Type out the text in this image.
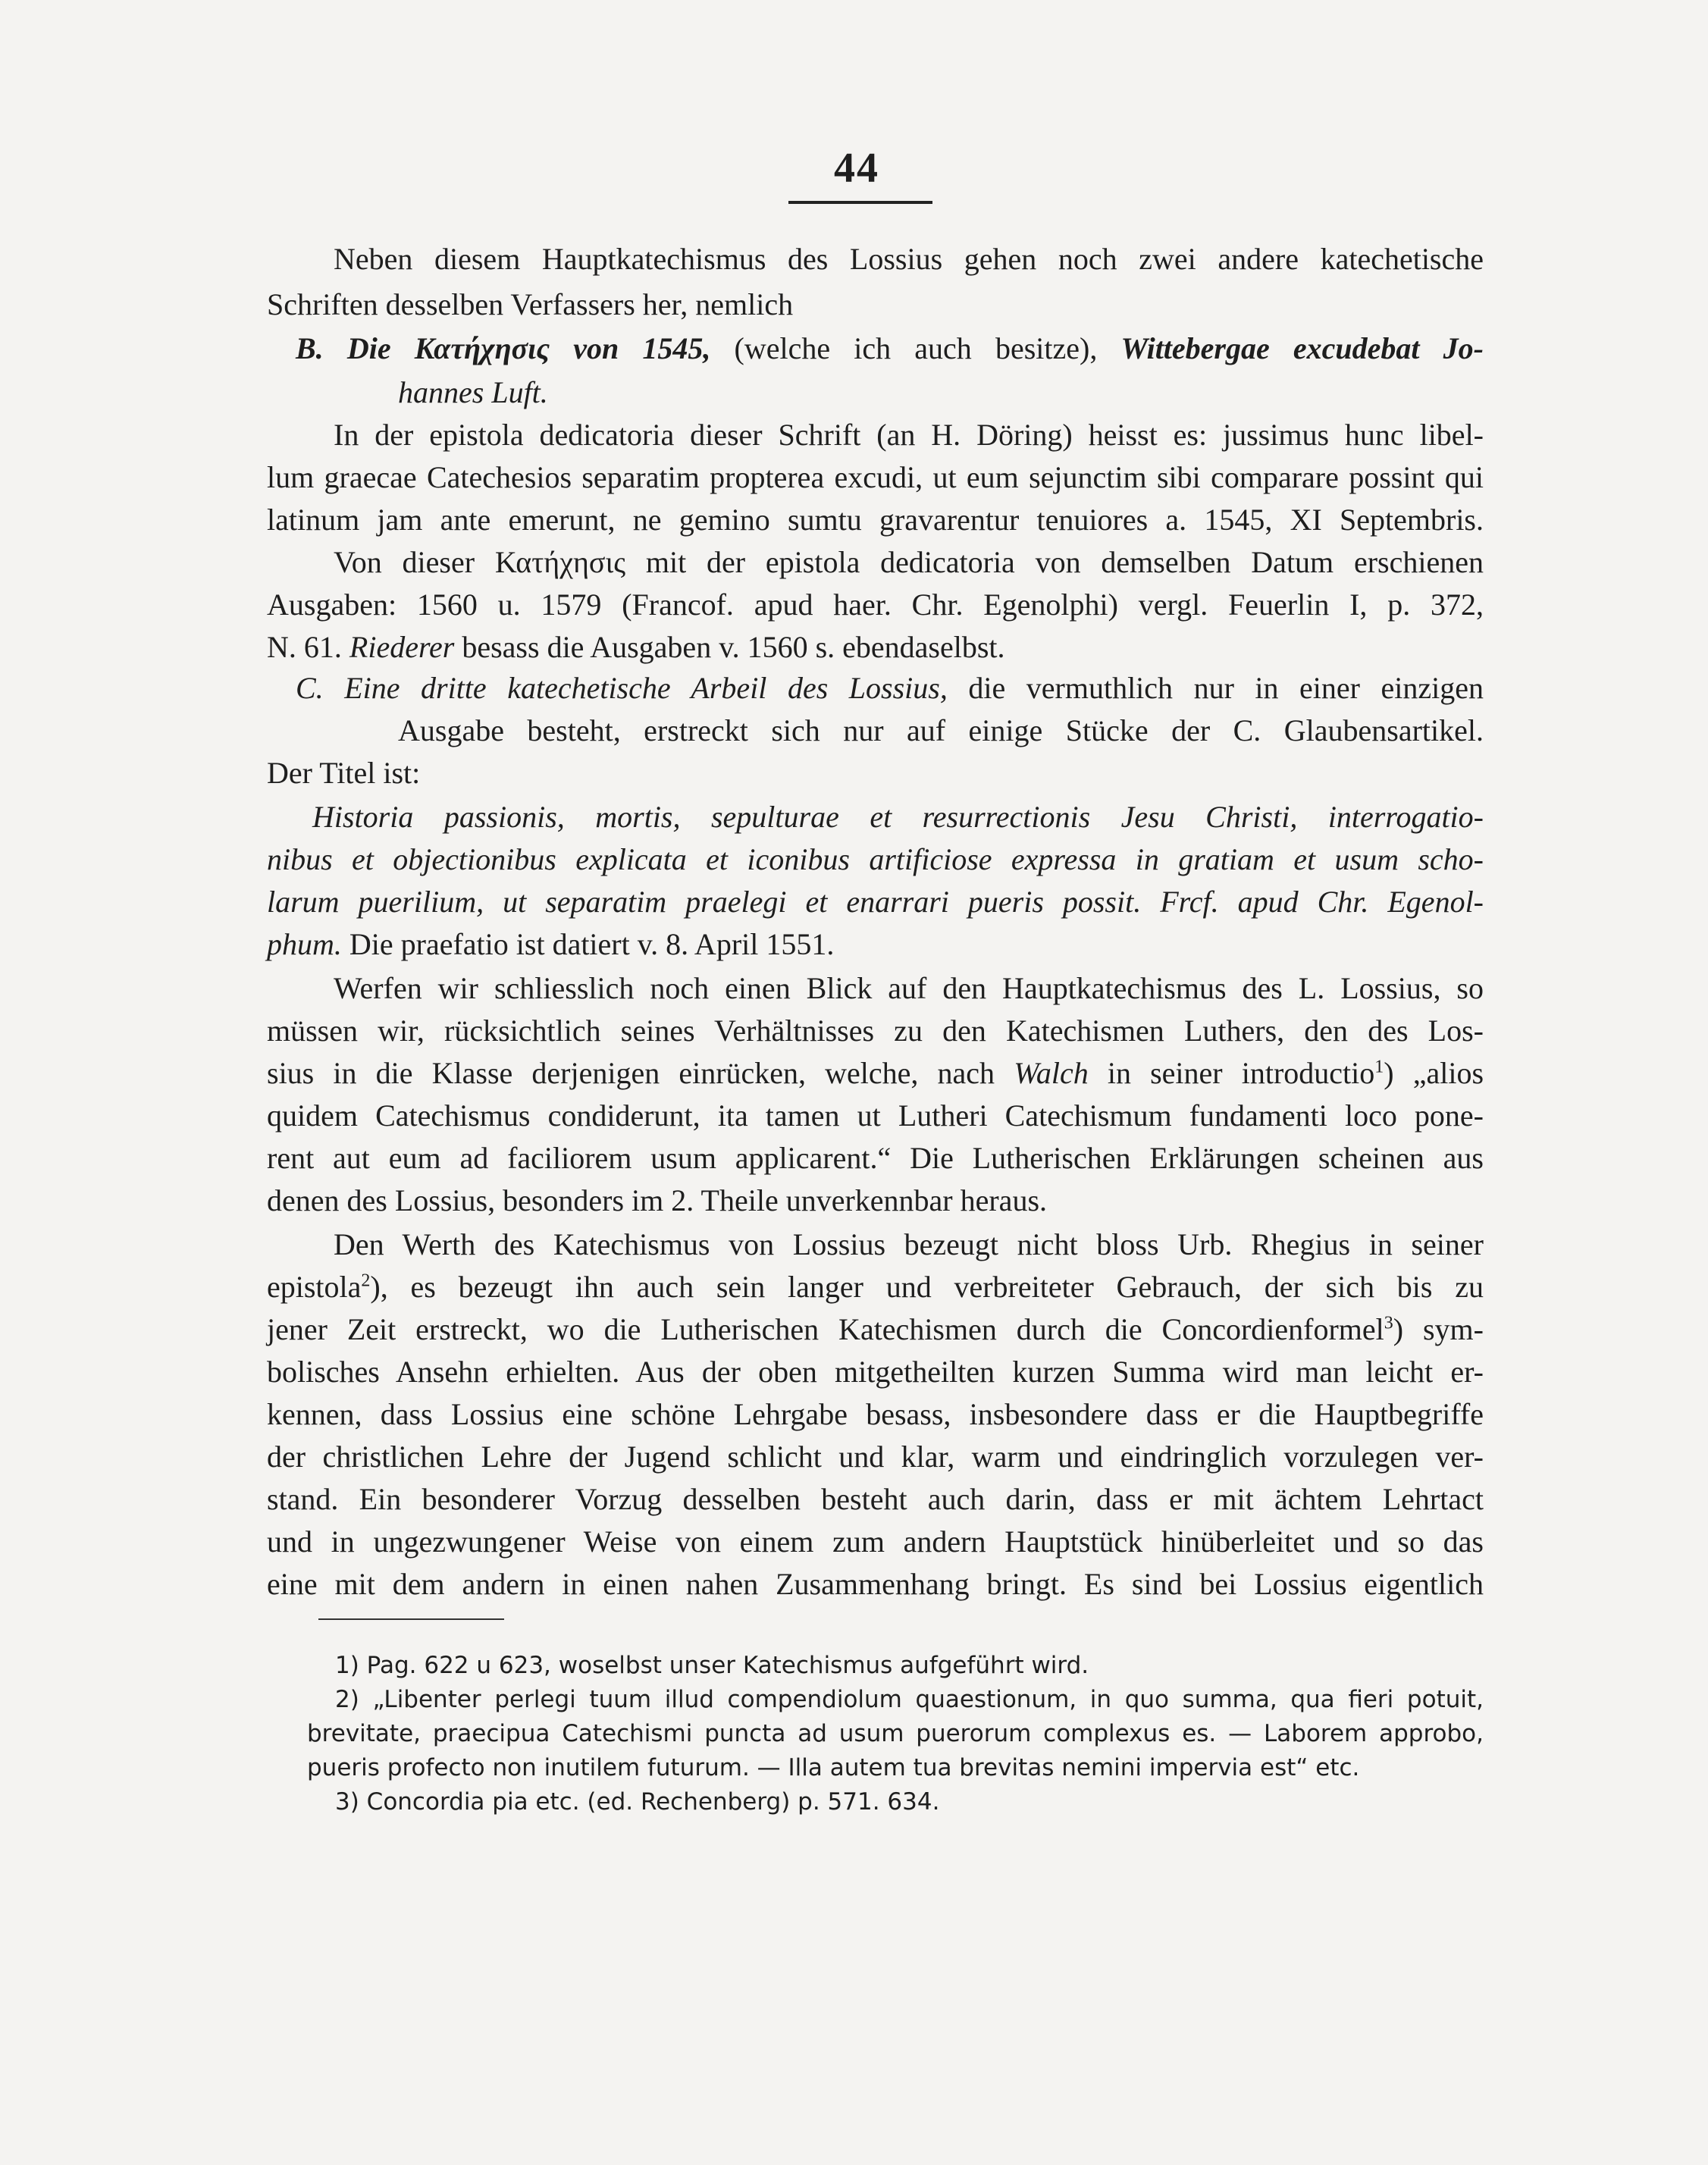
44
Neben diesem Hauptkatechismus des Lossius gehen noch zwei andere katechetische
Schriften desselben Verfassers her, nemlich
B. Die Κατήχησις von 1545, (welche ich auch besitze), Wittebergae excudebat Jo-
hannes Luft.
In der epistola dedicatoria dieser Schrift (an H. Döring) heisst es: jussimus hunc libel-
lum graecae Catechesios separatim propterea excudi, ut eum sejunctim sibi comparare possint qui
latinum jam ante emerunt, ne gemino sumtu gravarentur tenuiores a. 1545, XI Septembris.
Von dieser Κατήχησις mit der epistola dedicatoria von demselben Datum erschienen
Ausgaben: 1560 u. 1579 (Francof. apud haer. Chr. Egenolphi) vergl. Feuerlin I, p. 372,
N. 61. Riederer besass die Ausgaben v. 1560 s. ebendaselbst.
C. Eine dritte katechetische Arbeil des Lossius, die vermuthlich nur in einer einzigen
Ausgabe besteht, erstreckt sich nur auf einige Stücke der C. Glaubensartikel.
Der Titel ist:
Historia passionis, mortis, sepulturae et resurrectionis Jesu Christi, interrogatio-
nibus et objectionibus explicata et iconibus artificiose expressa in gratiam et usum scho-
larum puerilium, ut separatim praelegi et enarrari pueris possit. Frcf. apud Chr. Egenol-
phum. Die praefatio ist datiert v. 8. April 1551.
Werfen wir schliesslich noch einen Blick auf den Hauptkatechismus des L. Lossius, so
müssen wir, rücksichtlich seines Verhältnisses zu den Katechismen Luthers, den des Los-
sius in die Klasse derjenigen einrücken, welche, nach Walch in seiner introductio$^1$) „alios
quidem Catechismus condiderunt, ita tamen ut Lutheri Catechismum fundamenti loco pone-
rent aut eum ad faciliorem usum applicarent.“ Die Lutherischen Erklärungen scheinen aus
denen des Lossius, besonders im 2. Theile unverkennbar heraus.
Den Werth des Katechismus von Lossius bezeugt nicht bloss Urb. Rhegius in seiner
epistola$^2$), es bezeugt ihn auch sein langer und verbreiteter Gebrauch, der sich bis zu
jener Zeit erstreckt, wo die Lutherischen Katechismen durch die Concordienformel$^3$) sym-
bolisches Ansehn erhielten. Aus der oben mitgetheilten kurzen Summa wird man leicht er-
kennen, dass Lossius eine schöne Lehrgabe besass, insbesondere dass er die Hauptbegriffe
der christlichen Lehre der Jugend schlicht und klar, warm und eindringlich vorzulegen ver-
stand. Ein besonderer Vorzug desselben besteht auch darin, dass er mit ächtem Lehrtact
und in ungezwungener Weise von einem zum andern Hauptstück hinüberleitet und so das
eine mit dem andern in einen nahen Zusammenhang bringt. Es sind bei Lossius eigentlich
1) Pag. 622 u 623, woselbst unser Katechismus aufgeführt wird.
2) „Libenter perlegi tuum illud compendiolum quaestionum, in quo summa, qua fieri potuit,
brevitate, praecipua Catechismi puncta ad usum puerorum complexus es. — Laborem approbo,
pueris profecto non inutilem futurum. — Illa autem tua brevitas nemini impervia est“ etc.
3) Concordia pia etc. (ed. Rechenberg) p. 571. 634.
